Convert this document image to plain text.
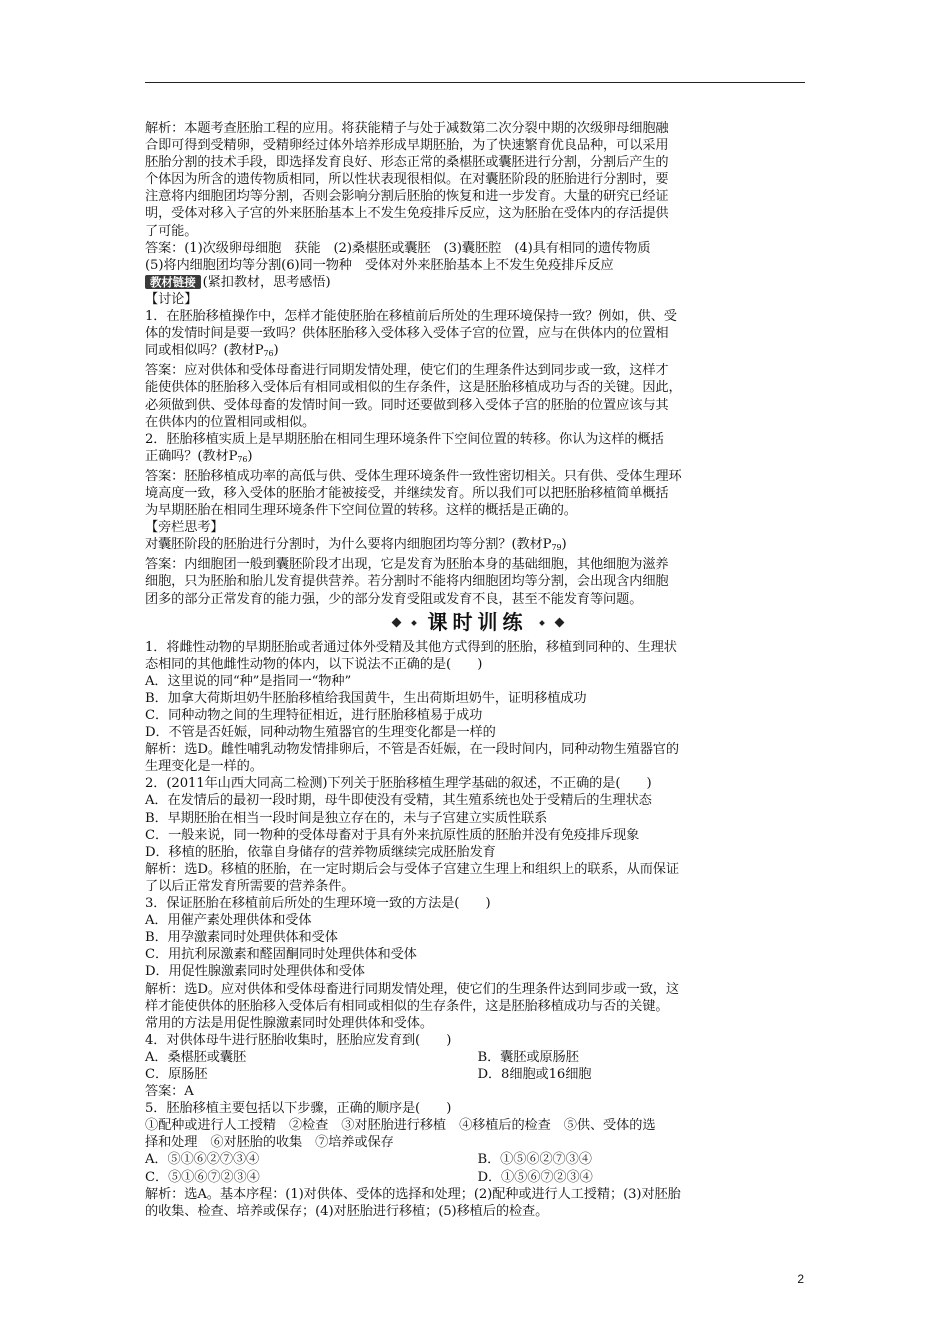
解析：本题考查胚胎工程的应用。将获能精子与处于减数第二次分裂中期的次级卵母细胞融

合即可得到受精卵，受精卵经过体外培养形成早期胚胎，为了快速繁育优良品种，可以采用

胚胎分割的技术手段，即选择发育良好、形态正常的桑椹胚或囊胚进行分割，分割后产生的

个体因为所含的遗传物质相同，所以性状表现很相似。在对囊胚阶段的胚胎进行分割时，要

注意将内细胞团均等分割，否则会影响分割后胚胎的恢复和进一步发育。大量的研究已经证

明，受体对移入子宫的外来胚胎基本上不发生免疫排斥反应，这为胚胎在受体内的存活提供

了可能。

答案：(1)次级卵母细胞　获能　(2)桑椹胚或囊胚　(3)囊胚腔　(4)具有相同的遗传物质

(5)将内细胞团均等分割(6)同一物种　受体对外来胚胎基本上不发生免疫排斥反应

教材链接 (紧扣教材，思考感悟)

【讨论】

1．在胚胎移植操作中，怎样才能使胚胎在移植前后所处的生理环境保持一致？例如，供、受

体的发情时间是要一致吗？供体胚胎移入受体移入受体子宫的位置，应与在供体内的位置相

同或相似吗？(教材$P_{76}$)

答案：应对供体和受体母畜进行同期发情处理，使它们的生理条件达到同步或一致，这样才

能使供体的胚胎移入受体后有相同或相似的生存条件，这是胚胎移植成功与否的关键。因此，

必须做到供、受体母畜的发情时间一致。同时还要做到移入受体子宫的胚胎的位置应该与其

在供体内的位置相同或相似。

2．胚胎移植实质上是早期胚胎在相同生理环境条件下空间位置的转移。你认为这样的概括

正确吗？(教材$P_{76}$)

答案：胚胎移植成功率的高低与供、受体生理环境条件一致性密切相关。只有供、受体生理环

境高度一致，移入受体的胚胎才能被接受，并继续发育。所以我们可以把胚胎移植简单概括

为早期胚胎在相同生理环境条件下空间位置的转移。这样的概括是正确的。

【旁栏思考】

对囊胚阶段的胚胎进行分割时，为什么要将内细胞团均等分割？(教材$P_{79}$)

答案：内细胞团一般到囊胚阶段才出现，它是发育为胚胎本身的基础细胞，其他细胞为滋养

细胞，只为胚胎和胎儿发育提供营养。若分割时不能将内细胞团均等分割，会出现含内细胞

团多的部分正常发育的能力强，少的部分发育受阻或发育不良，甚至不能发育等问题。

课时训练

1．将雌性动物的早期胚胎或者通过体外受精及其他方式得到的胚胎，移植到同种的、生理状

态相同的其他雌性动物的体内，以下说法不正确的是(　　)

A．这里说的同“种”是指同一“物种”

B．加拿大荷斯坦奶牛胚胎移植给我国黄牛，生出荷斯坦奶牛，证明移植成功

C．同种动物之间的生理特征相近，进行胚胎移植易于成功

D．不管是否妊娠，同种动物生殖器官的生理变化都是一样的

解析：选D。雌性哺乳动物发情排卵后，不管是否妊娠，在一段时间内，同种动物生殖器官的

生理变化是一样的。

2．(2011年山西大同高二检测)下列关于胚胎移植生理学基础的叙述，不正确的是(　　)

A．在发情后的最初一段时期，母牛即使没有受精，其生殖系统也处于受精后的生理状态

B．早期胚胎在相当一段时间是独立存在的，未与子宫建立实质性联系

C．一般来说，同一物种的受体母畜对于具有外来抗原性质的胚胎并没有免疫排斥现象

D．移植的胚胎，依靠自身储存的营养物质继续完成胚胎发育

解析：选D。移植的胚胎，在一定时期后会与受体子宫建立生理上和组织上的联系，从而保证

了以后正常发育所需要的营养条件。

3．保证胚胎在移植前后所处的生理环境一致的方法是(　　)

A．用催产素处理供体和受体

B．用孕激素同时处理供体和受体

C．用抗利尿激素和醛固酮同时处理供体和受体

D．用促性腺激素同时处理供体和受体

解析：选D。应对供体和受体母畜进行同期发情处理，使它们的生理条件达到同步或一致，这

样才能使供体的胚胎移入受体后有相同或相似的生存条件，这是胚胎移植成功与否的关键。

常用的方法是用促性腺激素同时处理供体和受体。

4．对供体母牛进行胚胎收集时，胚胎应发育到(　　)

A．桑椹胚或囊胚	B．囊胚或原肠胚

C．原肠胚	D．8细胞或16细胞

答案：A

5．胚胎移植主要包括以下步骤，正确的顺序是(　　)

①配种或进行人工授精　②检查　③对胚胎进行移植　④移植后的检查　⑤供、受体的选

择和处理　⑥对胚胎的收集　⑦培养或保存

A．⑤①⑥②⑦③④	B．①⑤⑥②⑦③④

C．⑤①⑥⑦②③④	D．①⑤⑥⑦②③④

解析：选A。基本序程：(1)对供体、受体的选择和处理；(2)配种或进行人工授精；(3)对胚胎

的收集、检查、培养或保存；(4)对胚胎进行移植；(5)移植后的检查。

2
